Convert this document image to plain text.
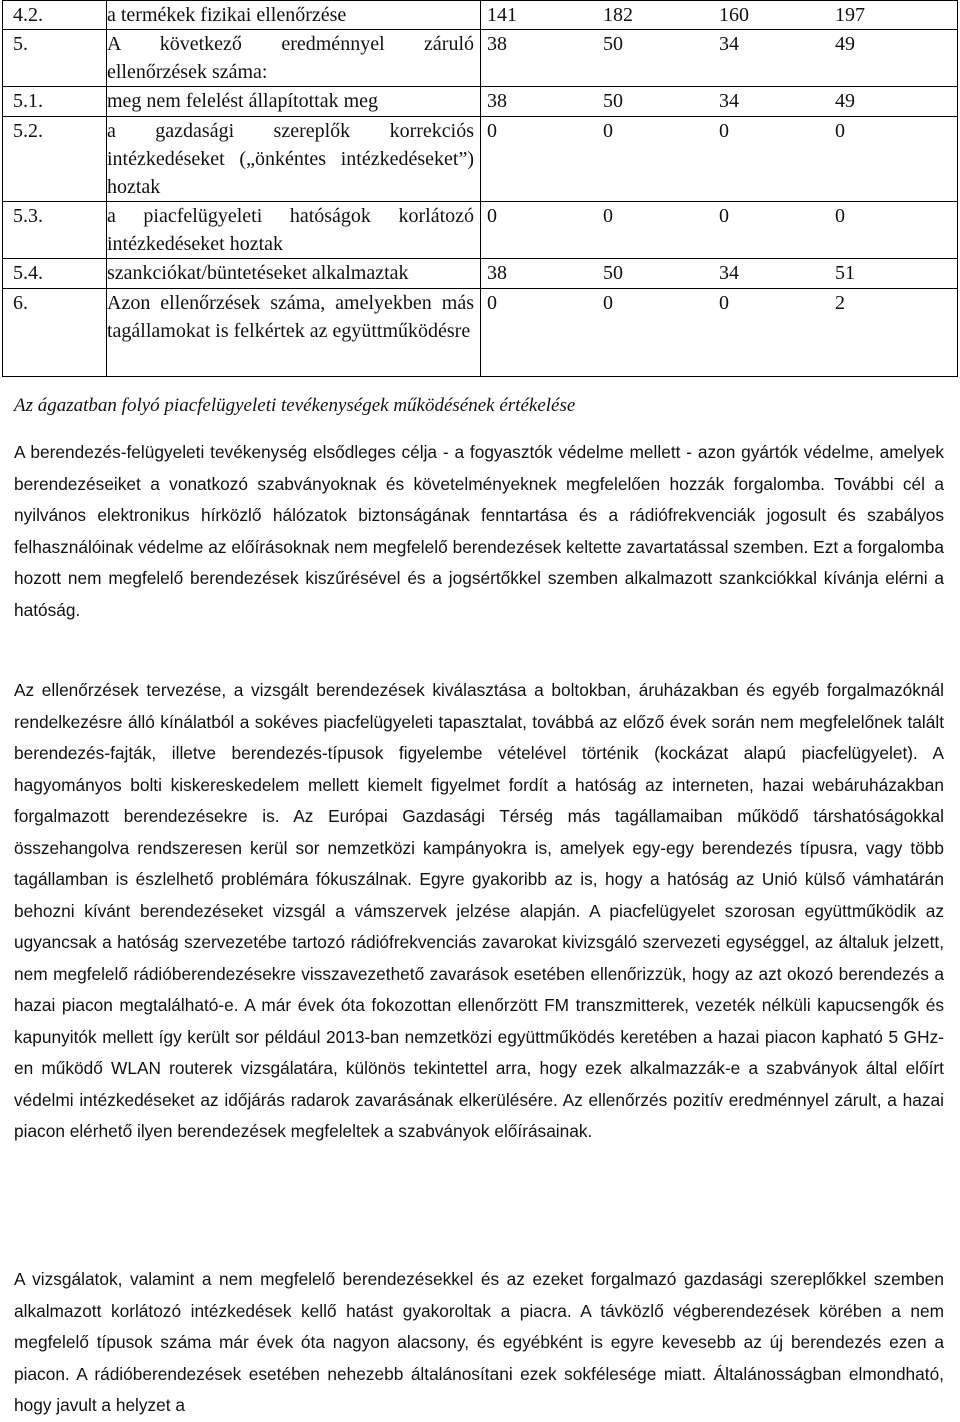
4.2.	a termékek fizikai ellenőrzése	141 182 160 197

5.	A következő eredménnyel záruló ellenőrzések száma:	38 50 34 49

5.1.	meg nem felelést állapítottak meg	38 50 34 49

5.2.	a gazdasági szereplők korrekciós intézkedéseket („önkéntes intézkedéseket”) hoztak	0 0 0 0

5.3.	a piacfelügyeleti hatóságok korlátozó intézkedéseket hoztak	0 0 0 0

5.4.	szankciókat/büntetéseket alkalmaztak	38 50 34 51

6.	Azon ellenőrzések száma, amelyekben más tagállamokat is felkértek az együttműködésre	0 0 0 2
Az ágazatban folyó piacfelügyeleti tevékenységek működésének értékelése

A berendezés-felügyeleti tevékenység elsődleges célja - a fogyasztók védelme mellett - azon gyártók védelme, amelyek berendezéseiket a vonatkozó szabványoknak és követelményeknek megfelelően hozzák forgalomba. További cél a nyilvános elektronikus hírközlő hálózatok biztonságának fenntartása és a rádiófrekvenciák jogosult és szabályos felhasználóinak védelme az előírásoknak nem megfelelő berendezések keltette zavartatással szemben. Ezt a forgalomba hozott nem megfelelő berendezések kiszűrésével és a jogsértőkkel szemben alkalmazott szankciókkal kívánja elérni a hatóság.

Az ellenőrzések tervezése, a vizsgált berendezések kiválasztása a boltokban, áruházakban és egyéb forgalmazóknál rendelkezésre álló kínálatból a sokéves piacfelügyeleti tapasztalat, továbbá az előző évek során nem megfelelőnek talált berendezés-fajták, illetve berendezés-típusok figyelembe vételével történik (kockázat alapú piacfelügyelet). A hagyományos bolti kiskereskedelem mellett kiemelt figyelmet fordít a hatóság az interneten, hazai webáruházakban forgalmazott berendezésekre is. Az Európai Gazdasági Térség más tagállamaiban működő társhatóságokkal összehangolva rendszeresen kerül sor nemzetközi kampányokra is, amelyek egy-egy berendezés típusra, vagy több tagállamban is észlelhető problémára fókuszálnak. Egyre gyakoribb az is, hogy a hatóság az Unió külső vámhatárán behozni kívánt berendezéseket vizsgál a vámszervek jelzése alapján. A piacfelügyelet szorosan együttműködik az ugyancsak a hatóság szervezetébe tartozó rádiófrekvenciás zavarokat kivizsgáló szervezeti egységgel, az általuk jelzett, nem megfelelő rádióberendezésekre visszavezethető zavarások esetében ellenőrizzük, hogy az azt okozó berendezés a hazai piacon megtalálható-e. A már évek óta fokozottan ellenőrzött FM transzmitterek, vezeték nélküli kapucsengők és kapunyitók mellett így került sor például 2013-ban nemzetközi együttműködés keretében a hazai piacon kapható 5 GHz-en működő WLAN routerek vizsgálatára, különös tekintettel arra, hogy ezek alkalmazzák-e a szabványok által előírt védelmi intézkedéseket az időjárás radarok zavarásának elkerülésére. Az ellenőrzés pozitív eredménnyel zárult, a hazai piacon elérhető ilyen berendezések megfeleltek a szabványok előírásainak.

A vizsgálatok, valamint a nem megfelelő berendezésekkel és az ezeket forgalmazó gazdasági szereplőkkel szemben alkalmazott korlátozó intézkedések kellő hatást gyakoroltak a piacra. A távközlő végberendezések körében a nem megfelelő típusok száma már évek óta nagyon alacsony, és egyébként is egyre kevesebb az új berendezés ezen a piacon. A rádióberendezések esetében nehezebb általánosítani ezek sokfélesége miatt. Általánosságban elmondható, hogy javult a helyzet a
